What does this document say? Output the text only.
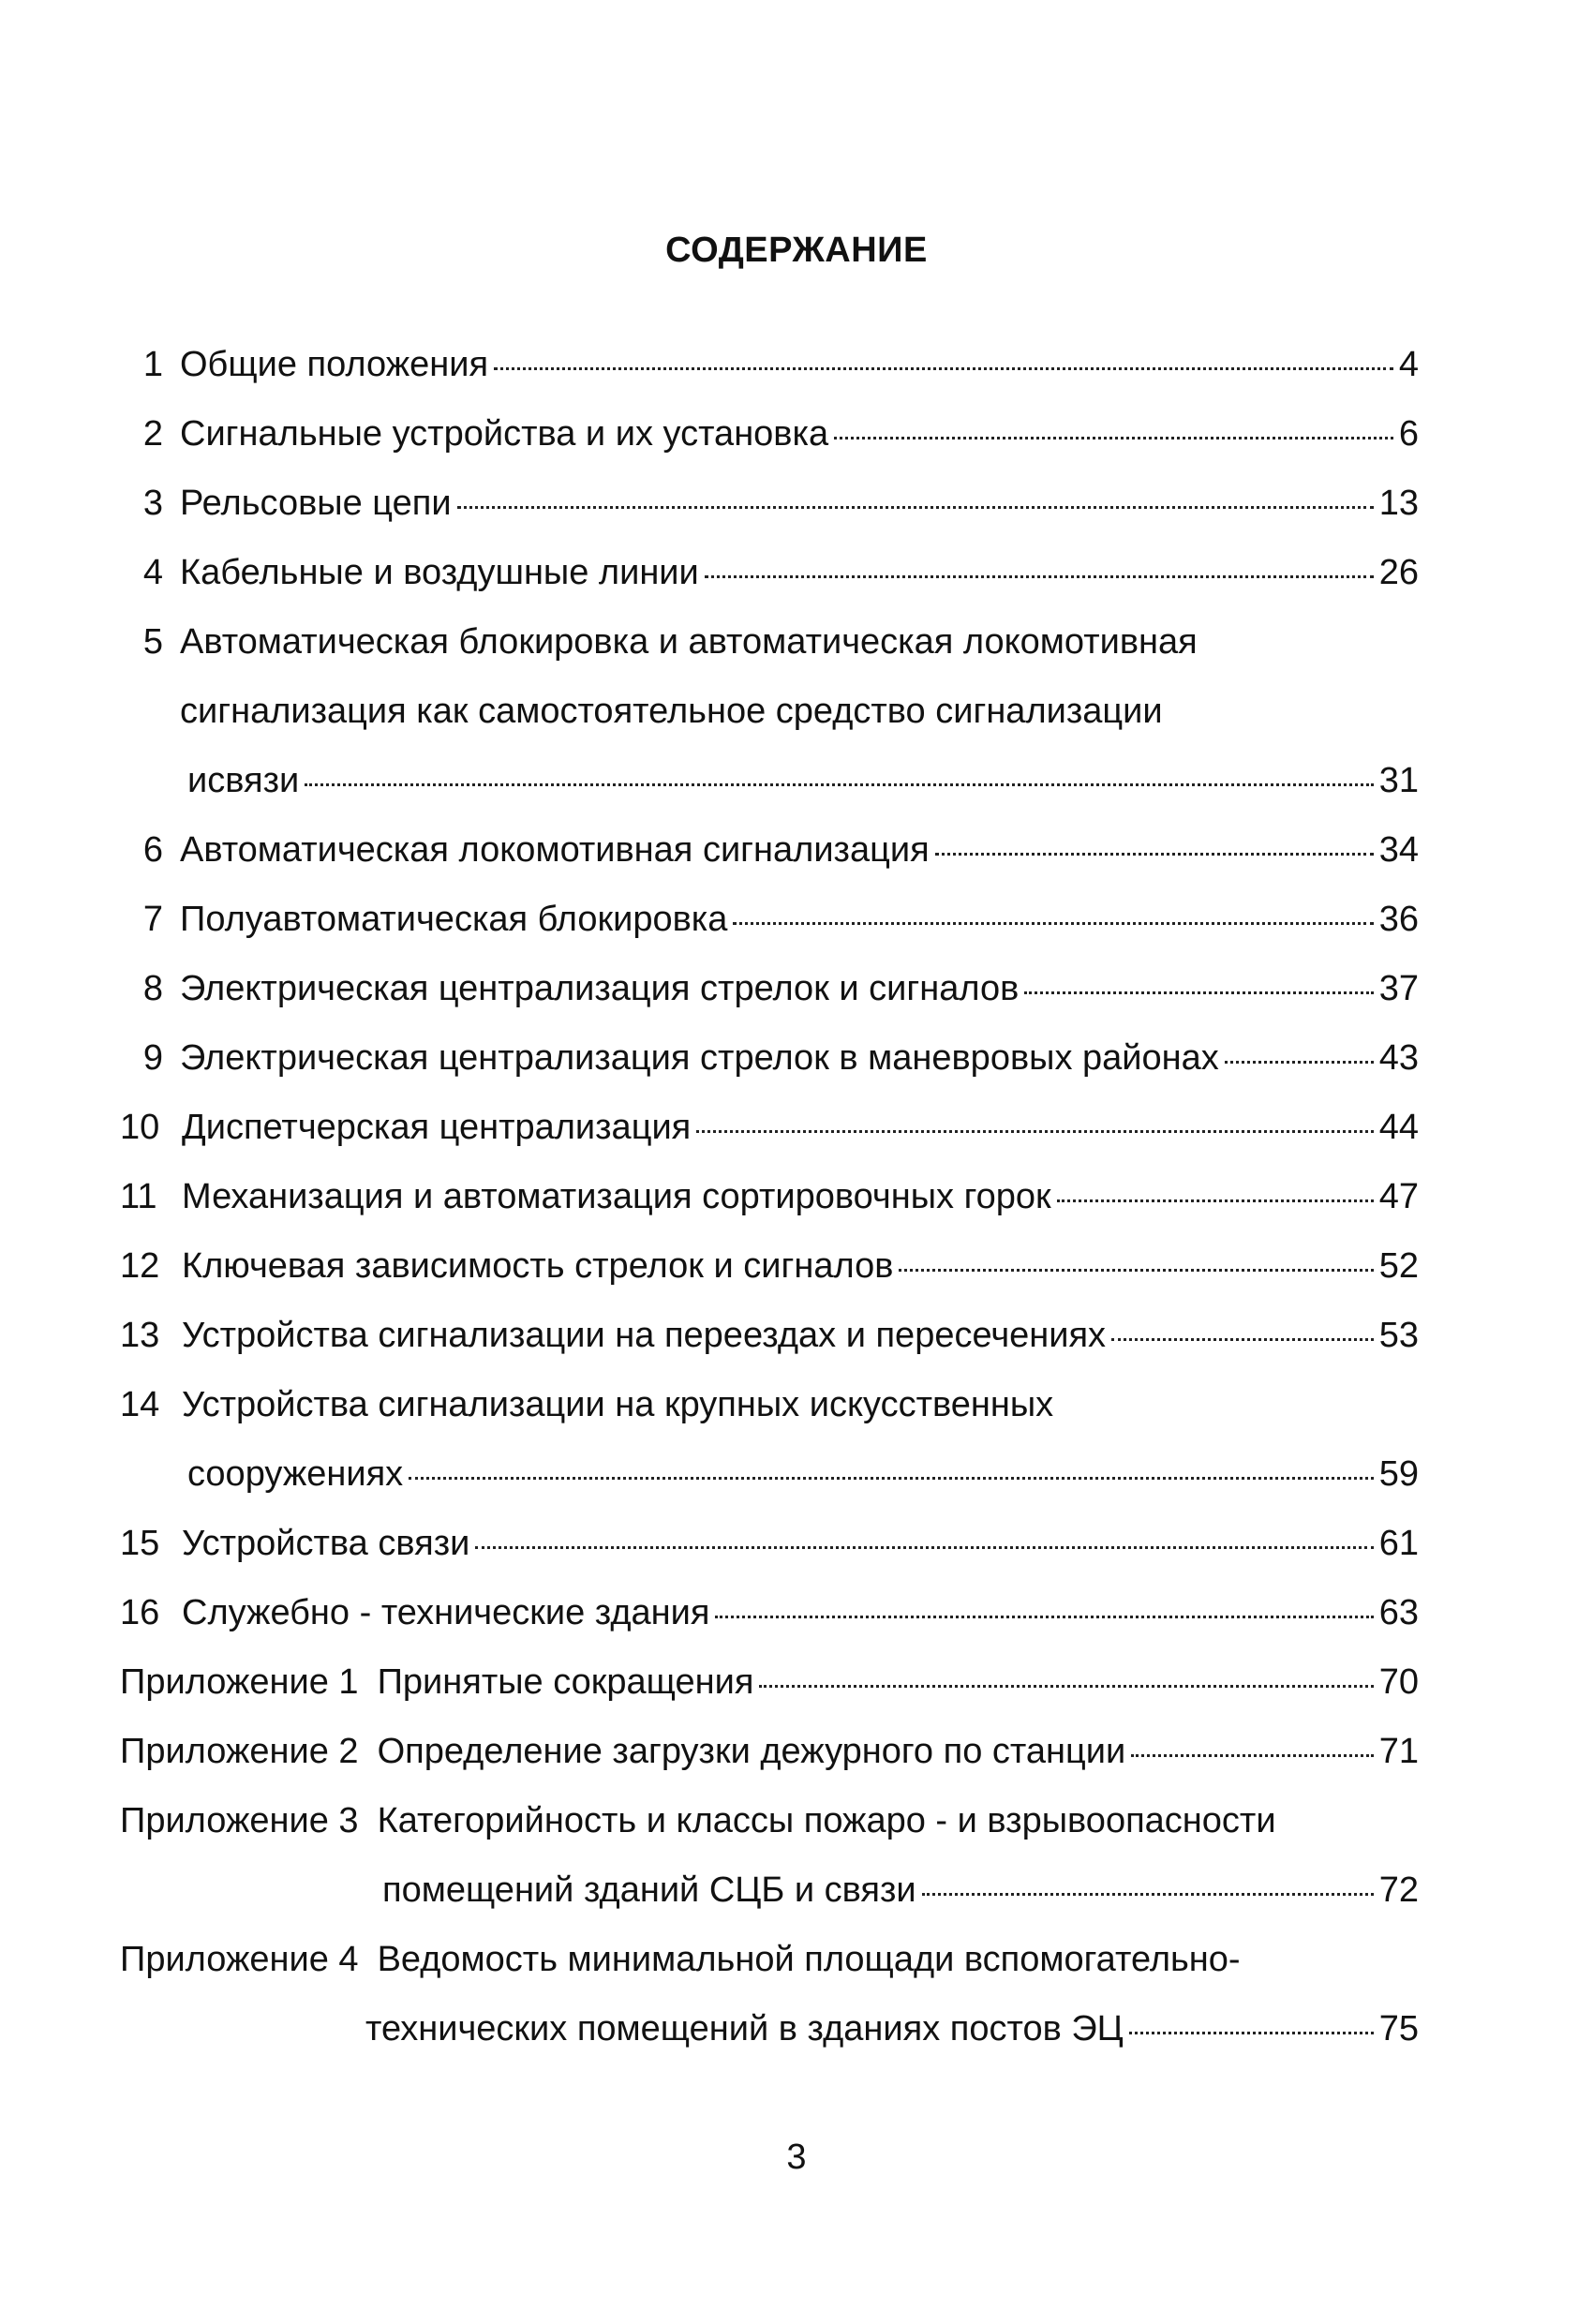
СОДЕРЖАНИЕ
1 Общие положения	4
2 Сигнальные устройства и их установка	6
3 Рельсовые цепи	13
4 Кабельные и воздушные линии	26
5 Автоматическая блокировка и автоматическая локомотивная
сигнализация как самостоятельное средство сигнализации
исвязи	31
6 Автоматическая локомотивная сигнализация	34
7 Полуавтоматическая блокировка	36
8 Электрическая централизация стрелок и сигналов	37
9 Электрическая централизация стрелок в маневровых районах	43
10 Диспетчерская централизация	44
11 Механизация и автоматизация сортировочных горок	47
12 Ключевая зависимость стрелок и сигналов	52
13 Устройства сигнализации на переездах и пересечениях	53
14 Устройства сигнализации на крупных искусственных
сооружениях	59
15 Устройства связи	61
16 Служебно - технические здания	63
Приложение 1 Принятые сокращения	70
Приложение 2 Определение загрузки дежурного по станции	71
Приложение 3 Категорийность и классы пожаро - и взрывоопасности
помещений зданий СЦБ и связи	72
Приложение 4 Ведомость минимальной площади вспомогательно-
технических помещений в зданиях постов ЭЦ	75
3
